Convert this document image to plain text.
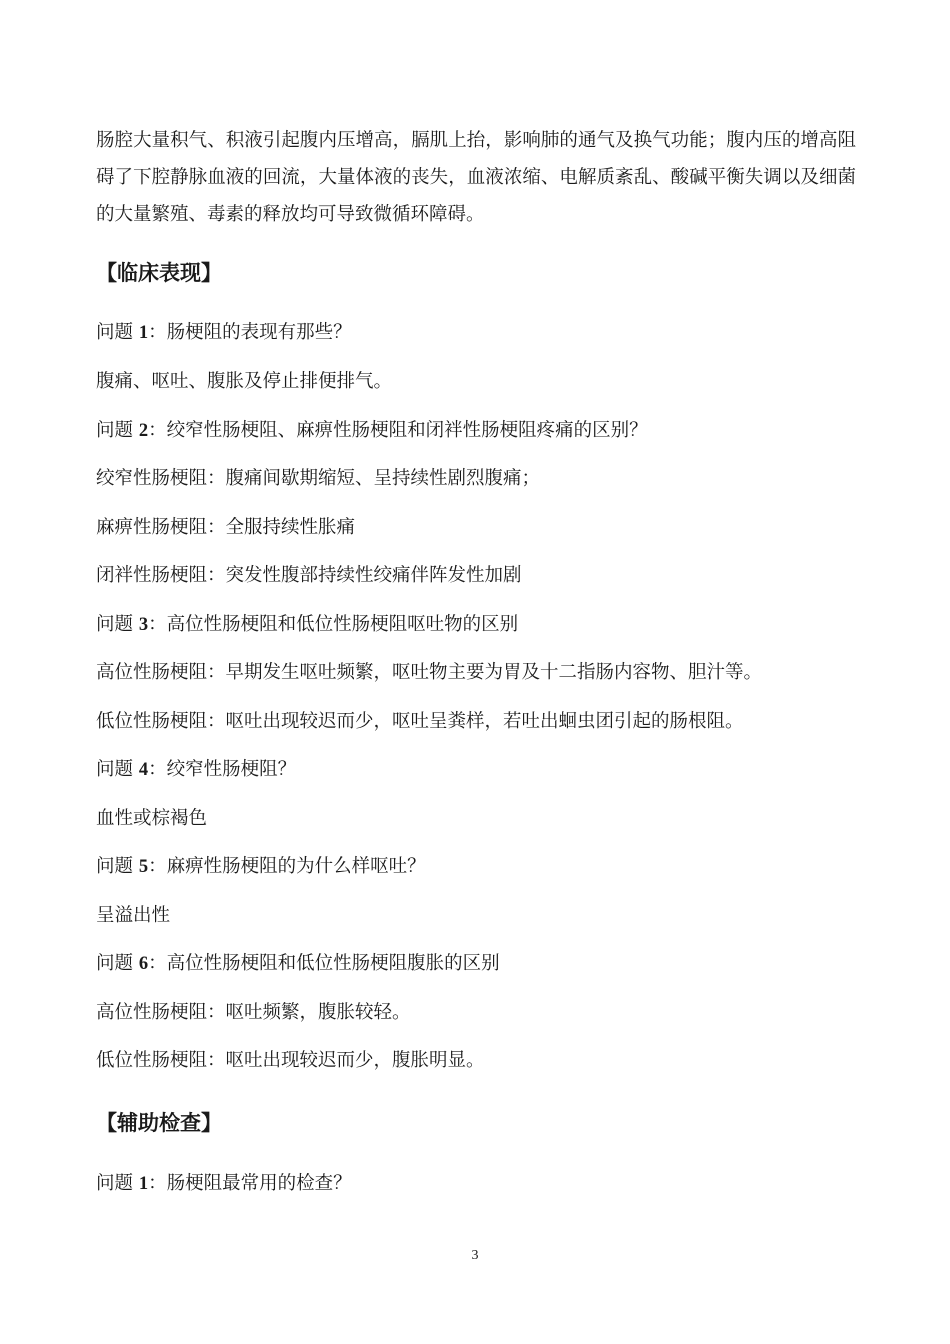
肠腔大量积气、积液引起腹内压增高，膈肌上抬，影响肺的通气及换气功能；腹内压的增高阻碍了下腔静脉血液的回流，大量体液的丧失，血液浓缩、电解质紊乱、酸碱平衡失调以及细菌的大量繁殖、毒素的释放均可导致微循环障碍。

【临床表现】

问题 1：肠梗阻的表现有那些？

腹痛、呕吐、腹胀及停止排便排气。

问题 2：绞窄性肠梗阻、麻痹性肠梗阻和闭袢性肠梗阻疼痛的区别？

绞窄性肠梗阻：腹痛间歇期缩短、呈持续性剧烈腹痛；

麻痹性肠梗阻：全服持续性胀痛

闭袢性肠梗阻：突发性腹部持续性绞痛伴阵发性加剧

问题 3：高位性肠梗阻和低位性肠梗阻呕吐物的区别

高位性肠梗阻：早期发生呕吐频繁，呕吐物主要为胃及十二指肠内容物、胆汁等。

低位性肠梗阻：呕吐出现较迟而少，呕吐呈粪样，若吐出蛔虫团引起的肠根阻。

问题 4：绞窄性肠梗阻？

血性或棕褐色

问题 5：麻痹性肠梗阻的为什么样呕吐？

呈溢出性

问题 6：高位性肠梗阻和低位性肠梗阻腹胀的区别

高位性肠梗阻：呕吐频繁，腹胀较轻。

低位性肠梗阻：呕吐出现较迟而少，腹胀明显。

【辅助检查】

问题 1：肠梗阻最常用的检查？

3
